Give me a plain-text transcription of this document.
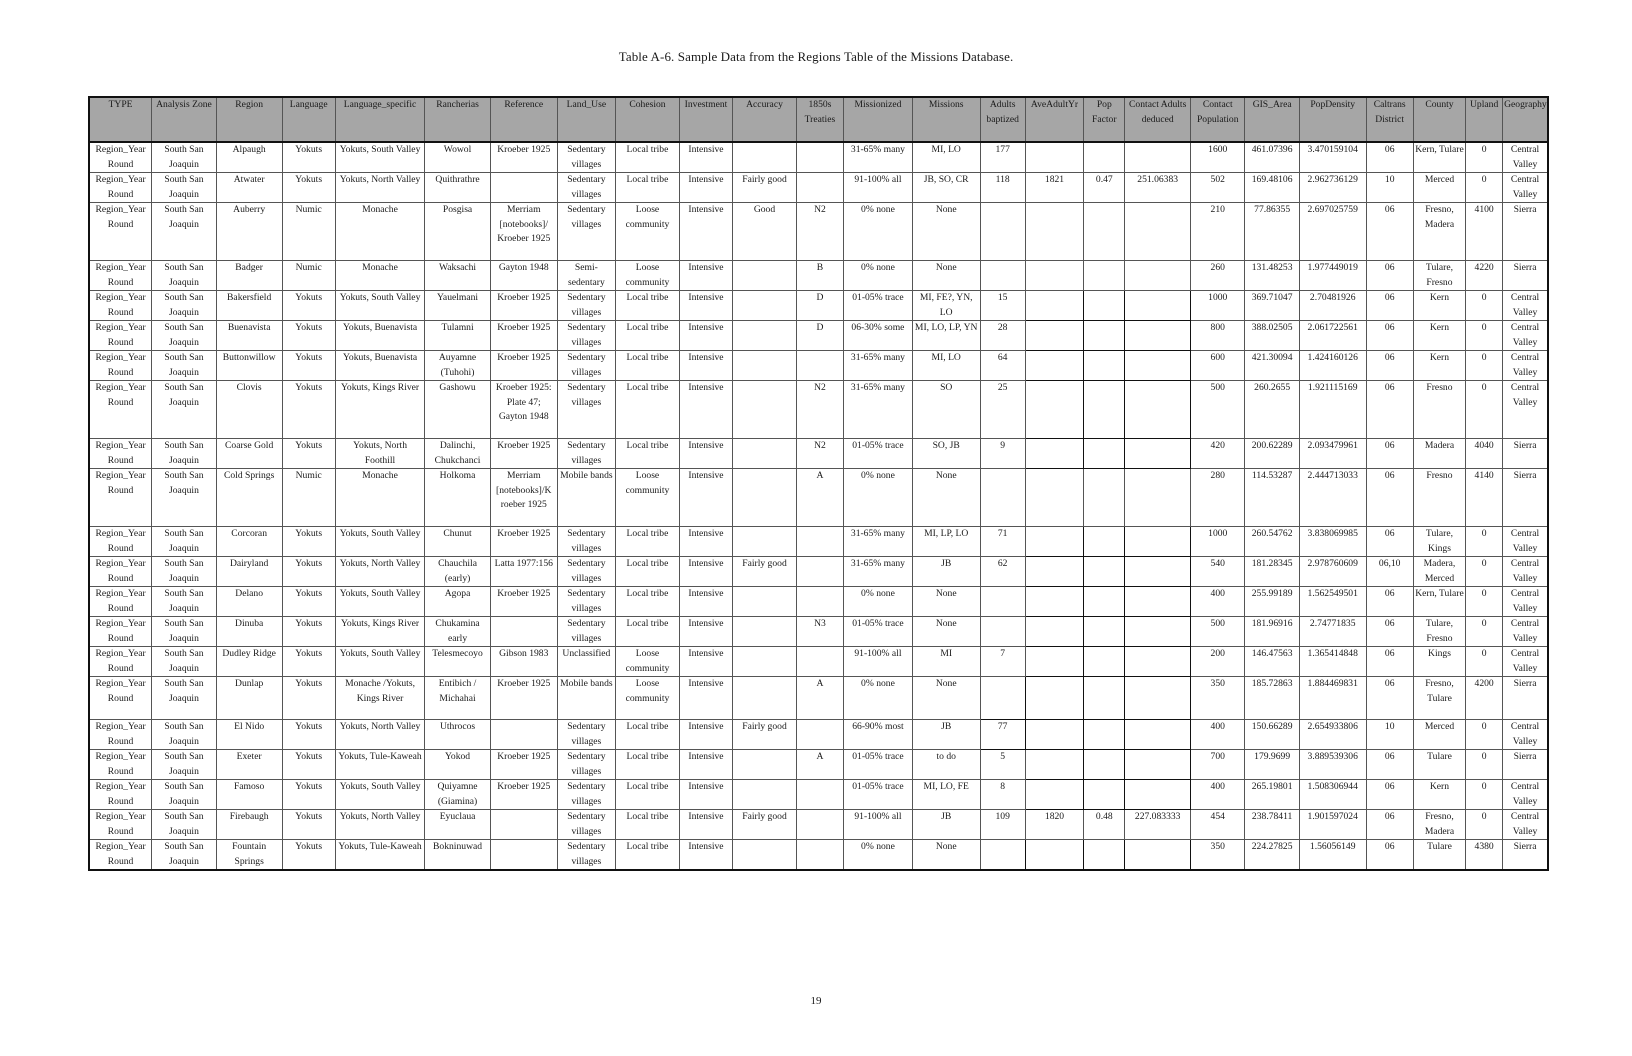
Table A-6. Sample Data from the Regions Table of the Missions Database.
TYPE	Analysis Zone	Region	Language	Language_specific	Rancherias	Reference	Land_Use	Cohesion	Investment	Accuracy	1850s Treaties	Missionized	Missions	Adults baptized	AveAdultYr	Pop Factor	Contact Adults deduced	Contact Population	GIS_Area	PopDensity	Caltrans District	County	Upland	Geography
Region_Year Round	South San Joaquin	Alpaugh	Yokuts	Yokuts, South Valley	Wowol	Kroeber 1925	Sedentary villages	Local tribe	Intensive			31-65% many	MI, LO	177				1600	461.07396	3.470159104	06	Kern, Tulare	0	Central Valley
Region_Year Round	South San Joaquin	Atwater	Yokuts	Yokuts, North Valley	Quithrathre		Sedentary villages	Local tribe	Intensive	Fairly good		91-100% all	JB, SO, CR	118	1821	0.47	251.06383	502	169.48106	2.962736129	10	Merced	0	Central Valley
Region_Year Round	South San Joaquin	Auberry	Numic	Monache	Posgisa	Merriam [notebooks]/ Kroeber 1925	Sedentary villages	Loose community	Intensive	Good	N2	0% none	None					210	77.86355	2.697025759	06	Fresno, Madera	4100	Sierra
Region_Year Round	South San Joaquin	Badger	Numic	Monache	Waksachi	Gayton 1948	Semi-sedentary	Loose community	Intensive		B	0% none	None					260	131.48253	1.977449019	06	Tulare, Fresno	4220	Sierra
Region_Year Round	South San Joaquin	Bakersfield	Yokuts	Yokuts, South Valley	Yauelmani	Kroeber 1925	Sedentary villages	Local tribe	Intensive		D	01-05% trace	MI, FE?, YN, LO	15				1000	369.71047	2.70481926	06	Kern	0	Central Valley
Region_Year Round	South San Joaquin	Buenavista	Yokuts	Yokuts, Buenavista	Tulamni	Kroeber 1925	Sedentary villages	Local tribe	Intensive		D	06-30% some	MI, LO, LP, YN	28				800	388.02505	2.061722561	06	Kern	0	Central Valley
Region_Year Round	South San Joaquin	Buttonwillow	Yokuts	Yokuts, Buenavista	Auyamne (Tuhohi)	Kroeber 1925	Sedentary villages	Local tribe	Intensive			31-65% many	MI, LO	64				600	421.30094	1.424160126	06	Kern	0	Central Valley
Region_Year Round	South San Joaquin	Clovis	Yokuts	Yokuts, Kings River	Gashowu	Kroeber 1925: Plate 47; Gayton 1948	Sedentary villages	Local tribe	Intensive		N2	31-65% many	SO	25				500	260.2655	1.921115169	06	Fresno	0	Central Valley
Region_Year Round	South San Joaquin	Coarse Gold	Yokuts	Yokuts, North Foothill	Dalinchi, Chukchanci	Kroeber 1925	Sedentary villages	Local tribe	Intensive		N2	01-05% trace	SO, JB	9				420	200.62289	2.093479961	06	Madera	4040	Sierra
Region_Year Round	South San Joaquin	Cold Springs	Numic	Monache	Holkoma	Merriam [notebooks]/K roeber 1925	Mobile bands	Loose community	Intensive		A	0% none	None					280	114.53287	2.444713033	06	Fresno	4140	Sierra
Region_Year Round	South San Joaquin	Corcoran	Yokuts	Yokuts, South Valley	Chunut	Kroeber 1925	Sedentary villages	Local tribe	Intensive			31-65% many	MI, LP, LO	71				1000	260.54762	3.838069985	06	Tulare, Kings	0	Central Valley
Region_Year Round	South San Joaquin	Dairyland	Yokuts	Yokuts, North Valley	Chauchila (early)	Latta 1977:156	Sedentary villages	Local tribe	Intensive	Fairly good		31-65% many	JB	62				540	181.28345	2.978760609	06,10	Madera, Merced	0	Central Valley
Region_Year Round	South San Joaquin	Delano	Yokuts	Yokuts, South Valley	Agopa	Kroeber 1925	Sedentary villages	Local tribe	Intensive			0% none	None					400	255.99189	1.562549501	06	Kern, Tulare	0	Central Valley
Region_Year Round	South San Joaquin	Dinuba	Yokuts	Yokuts, Kings River	Chukamina early		Sedentary villages	Local tribe	Intensive		N3	01-05% trace	None					500	181.96916	2.74771835	06	Tulare, Fresno	0	Central Valley
Region_Year Round	South San Joaquin	Dudley Ridge	Yokuts	Yokuts, South Valley	Telesmecoyo	Gibson 1983	Unclassified	Loose community	Intensive			91-100% all	MI	7				200	146.47563	1.365414848	06	Kings	0	Central Valley
Region_Year Round	South San Joaquin	Dunlap	Yokuts	Monache /Yokuts, Kings River	Entibich / Michahai	Kroeber 1925	Mobile bands	Loose community	Intensive		A	0% none	None					350	185.72863	1.884469831	06	Fresno, Tulare	4200	Sierra
Region_Year Round	South San Joaquin	El Nido	Yokuts	Yokuts, North Valley	Uthrocos		Sedentary villages	Local tribe	Intensive	Fairly good		66-90% most	JB	77				400	150.66289	2.654933806	10	Merced	0	Central Valley
Region_Year Round	South San Joaquin	Exeter	Yokuts	Yokuts, Tule-Kaweah	Yokod	Kroeber 1925	Sedentary villages	Local tribe	Intensive		A	01-05% trace	to do	5				700	179.9699	3.889539306	06	Tulare	0	Sierra
Region_Year Round	South San Joaquin	Famoso	Yokuts	Yokuts, South Valley	Quiyamne (Giamina)	Kroeber 1925	Sedentary villages	Local tribe	Intensive			01-05% trace	MI, LO, FE	8				400	265.19801	1.508306944	06	Kern	0	Central Valley
Region_Year Round	South San Joaquin	Firebaugh	Yokuts	Yokuts, North Valley	Eyuclaua		Sedentary villages	Local tribe	Intensive	Fairly good		91-100% all	JB	109	1820	0.48	227.083333	454	238.78411	1.901597024	06	Fresno, Madera	0	Central Valley
Region_Year Round	South San Joaquin	Fountain Springs	Yokuts	Yokuts, Tule-Kaweah	Bokninuwad		Sedentary villages	Local tribe	Intensive			0% none	None					350	224.27825	1.56056149	06	Tulare	4380	Sierra
19
